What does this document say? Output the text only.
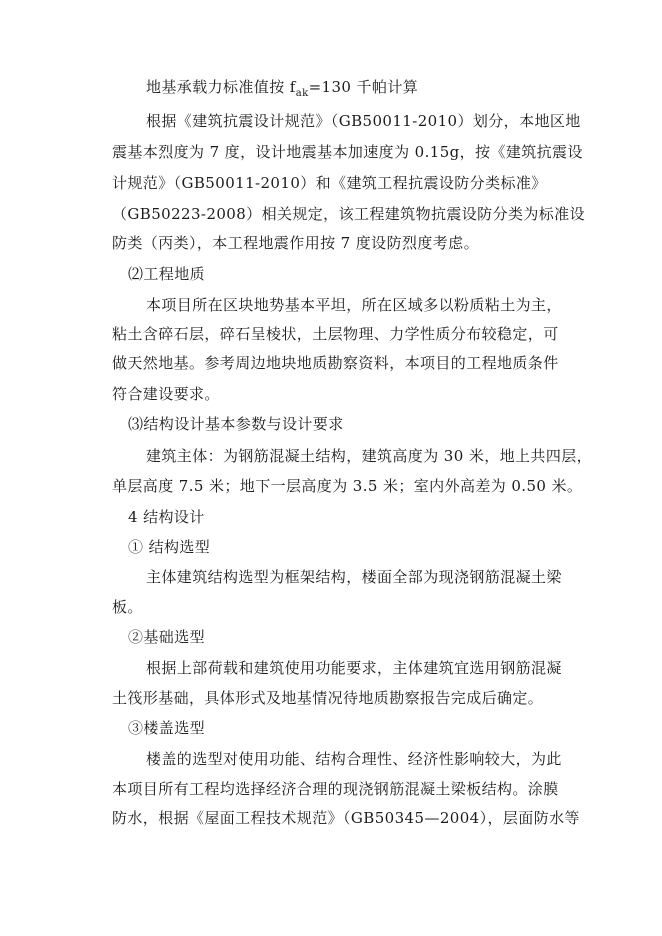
地基承载力标准值按 $f_{ak}=130$ 千帕计算
根据《建筑抗震设计规范》（GB50011-2010）划分，本地区地
震基本烈度为 7 度，设计地震基本加速度为 0.15g，按《建筑抗震设
计规范》（GB50011-2010）和《建筑工程抗震设防分类标准》
（GB50223-2008）相关规定，该工程建筑物抗震设防分类为标准设
防类（丙类），本工程地震作用按 7 度设防烈度考虑。
⑵工程地质
本项目所在区块地势基本平坦，所在区域多以粉质粘土为主，
粘土含碎石层，碎石呈棱状，土层物理、力学性质分布较稳定，可
做天然地基。参考周边地块地质勘察资料，本项目的工程地质条件
符合建设要求。
⑶结构设计基本参数与设计要求
建筑主体：为钢筋混凝土结构，建筑高度为 30 米，地上共四层，
单层高度 7.5 米；地下一层高度为 3.5 米；室内外高差为 0.50 米。
4 结构设计
① 结构选型
主体建筑结构选型为框架结构，楼面全部为现浇钢筋混凝土梁
板。
②基础选型
根据上部荷载和建筑使用功能要求，主体建筑宜选用钢筋混凝
土筏形基础，具体形式及地基情况待地质勘察报告完成后确定。
③楼盖选型
楼盖的选型对使用功能、结构合理性、经济性影响较大，为此
本项目所有工程均选择经济合理的现浇钢筋混凝土梁板结构。涂膜
防水，根据《屋面工程技术规范》（GB50345—2004），层面防水等
